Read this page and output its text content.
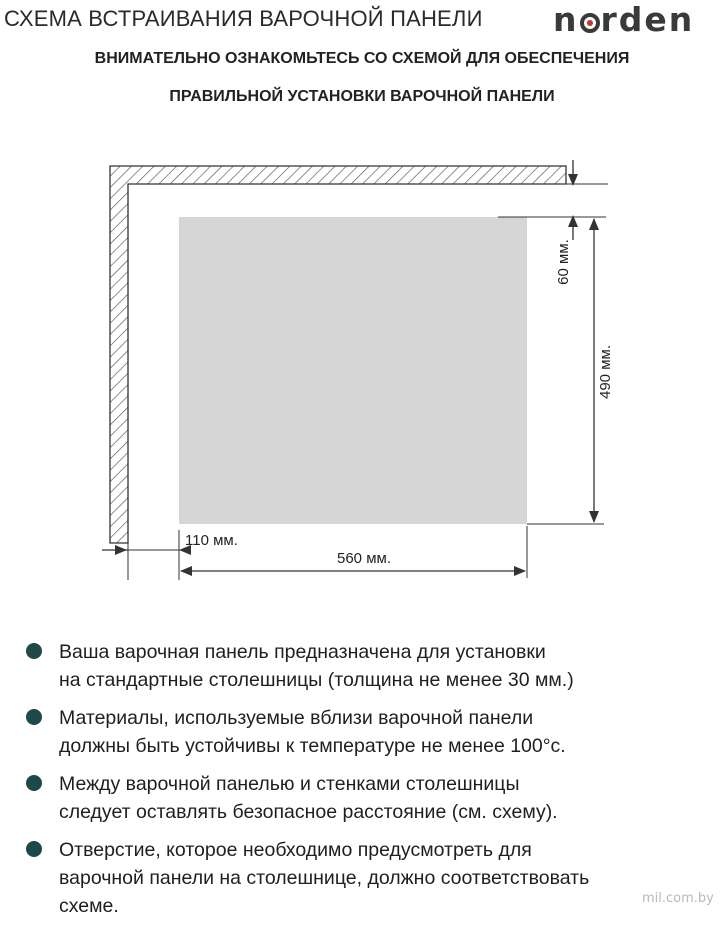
СХЕМА ВСТРАИВАНИЯ ВАРОЧНОЙ ПАНЕЛИ n rden
ВНИМАТЕЛЬНО ОЗНАКОМЬТЕСЬ СО СХЕМОЙ ДЛЯ ОБЕСПЕЧЕНИЯ
ПРАВИЛЬНОЙ УСТАНОВКИ ВАРОЧНОЙ ПАНЕЛИ
60 мм.
490 мм.
110 мм.
560 мм.
Ваша варочная панель предназначена для установки
на стандартные столешницы (толщина не менее 30 мм.)
Материалы, используемые вблизи варочной панели
должны быть устойчивы к температуре не менее 100°с.
Между варочной панелью и стенками столешницы
следует оставлять безопасное расстояние (см. схему).
Отверстие, которое необходимо предусмотреть для
варочной панели на столешнице, должно соответствовать
схеме.	mil.com.by
